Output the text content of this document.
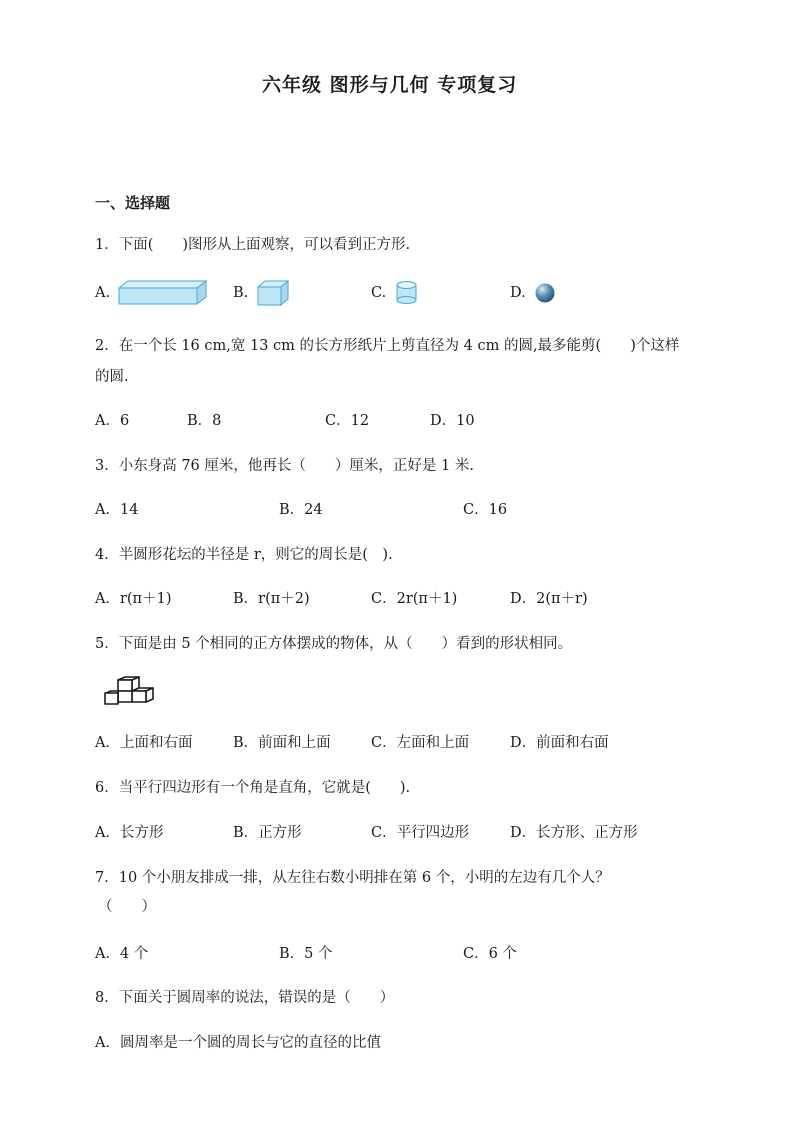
六年级 图形与几何 专项复习
一、选择题
1．下面(　　)图形从上面观察，可以看到正方形.
A.	B.	C.	D.
2．在一个长 16 cm,宽 13 cm 的长方形纸片上剪直径为 4 cm 的圆,最多能剪(　　)个这样
的圆.
A．6	B．8	C．12	D．10
3．小东身高 76 厘米，他再长（　　）厘米，正好是 1 米.
A．14	B．24	C．16
4．半圆形花坛的半径是 r，则它的周长是(　).
A．r(π＋1)	B．r(π＋2)	C．2r(π＋1)	D．2(π＋r)
5．下面是由 5 个相同的正方体摆成的物体，从（　　）看到的形状相同。
A．上面和右面	B．前面和上面	C．左面和上面	D．前面和右面
6．当平行四边形有一个角是直角，它就是(　　).
A．长方形	B．正方形	C．平行四边形	D．长方形、正方形
7．10 个小朋友排成一排，从左往右数小明排在第 6 个，小明的左边有几个人？
（　　）
A．4 个	B．5 个	C．6 个
8．下面关于圆周率的说法，错误的是（　　）
A．圆周率是一个圆的周长与它的直径的比值
